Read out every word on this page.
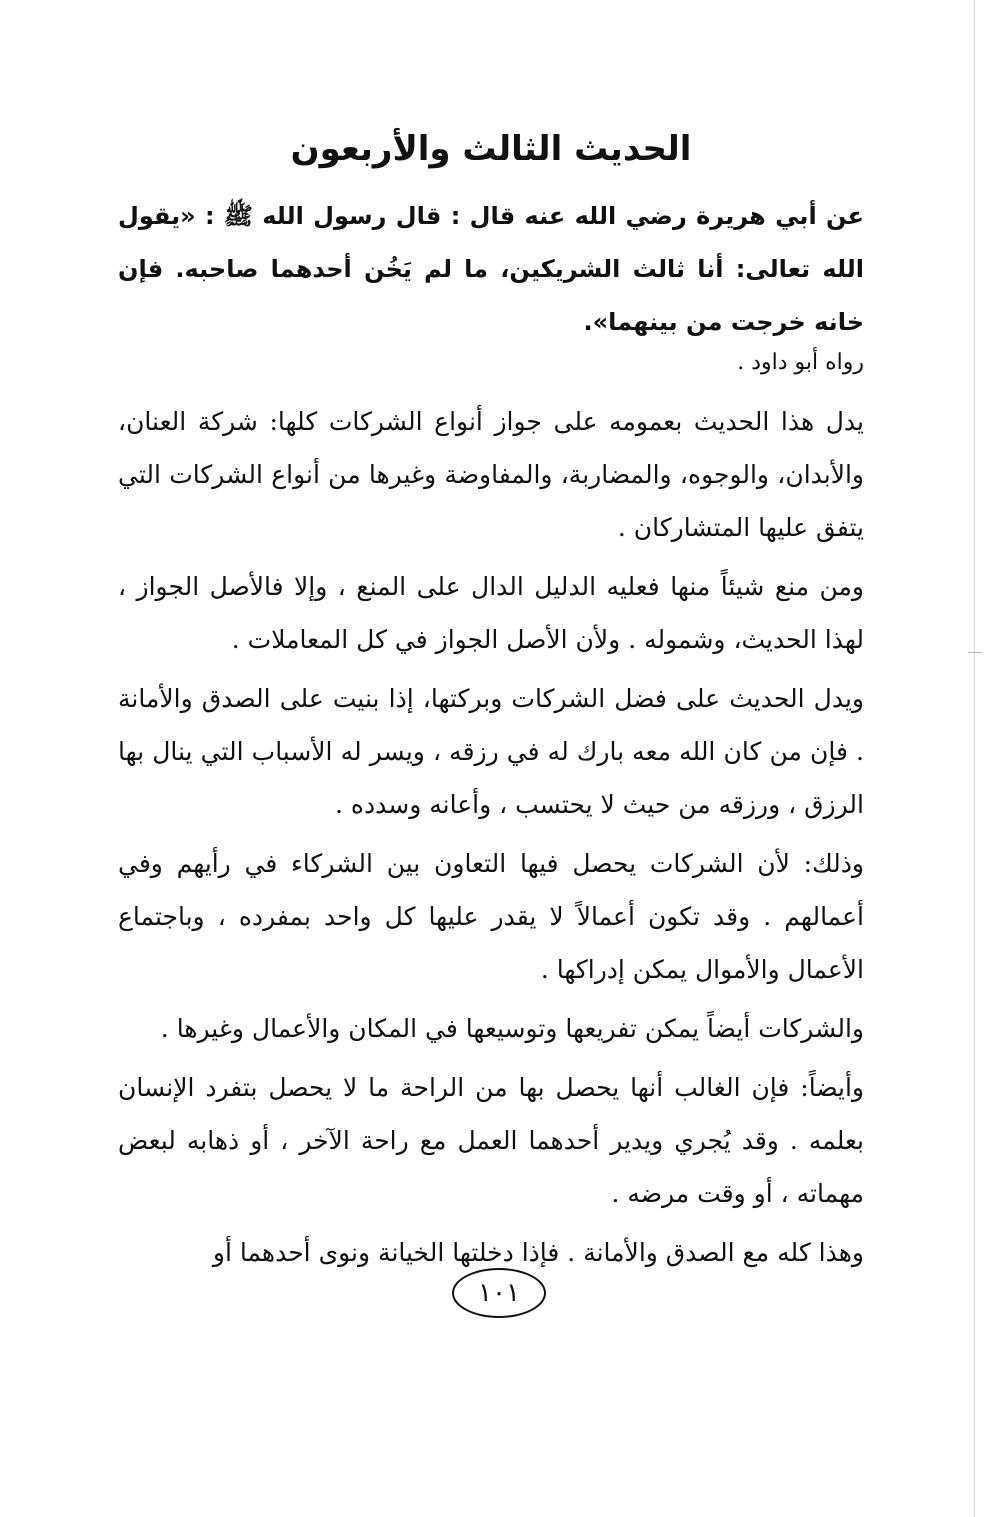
الحديث الثالث والأربعون

عن أبي هريرة رضي الله عنه قال : قال رسول الله ﷺ : «يقول الله تعالى: أنا ثالث الشريكين، ما لم يَخُن أحدهما صاحبه. فإن خانه خرجت من بينهما».

رواه أبو داود .

يدل هذا الحديث بعمومه على جواز أنواع الشركات كلها: شركة العنان، والأبدان، والوجوه، والمضاربة، والمفاوضة وغيرها من أنواع الشركات التي يتفق عليها المتشاركان .

ومن منع شيئاً منها فعليه الدليل الدال على المنع ، وإلا فالأصل الجواز ، لهذا الحديث، وشموله . ولأن الأصل الجواز في كل المعاملات .

ويدل الحديث على فضل الشركات وبركتها، إذا بنيت على الصدق والأمانة . فإن من كان الله معه بارك له في رزقه ، ويسر له الأسباب التي ينال بها الرزق ، ورزقه من حيث لا يحتسب ، وأعانه وسدده .

وذلك: لأن الشركات يحصل فيها التعاون بين الشركاء في رأيهم وفي أعمالهم . وقد تكون أعمالاً لا يقدر عليها كل واحد بمفرده ، وباجتماع الأعمال والأموال يمكن إدراكها .

والشركات أيضاً يمكن تفريعها وتوسيعها في المكان والأعمال وغيرها .

وأيضاً: فإن الغالب أنها يحصل بها من الراحة ما لا يحصل بتفرد الإنسان بعلمه . وقد يُجري ويدير أحدهما العمل مع راحة الآخر ، أو ذهابه لبعض مهماته ، أو وقت مرضه .

وهذا كله مع الصدق والأمانة . فإذا دخلتها الخيانة ونوى أحدهما أو

١٠١
